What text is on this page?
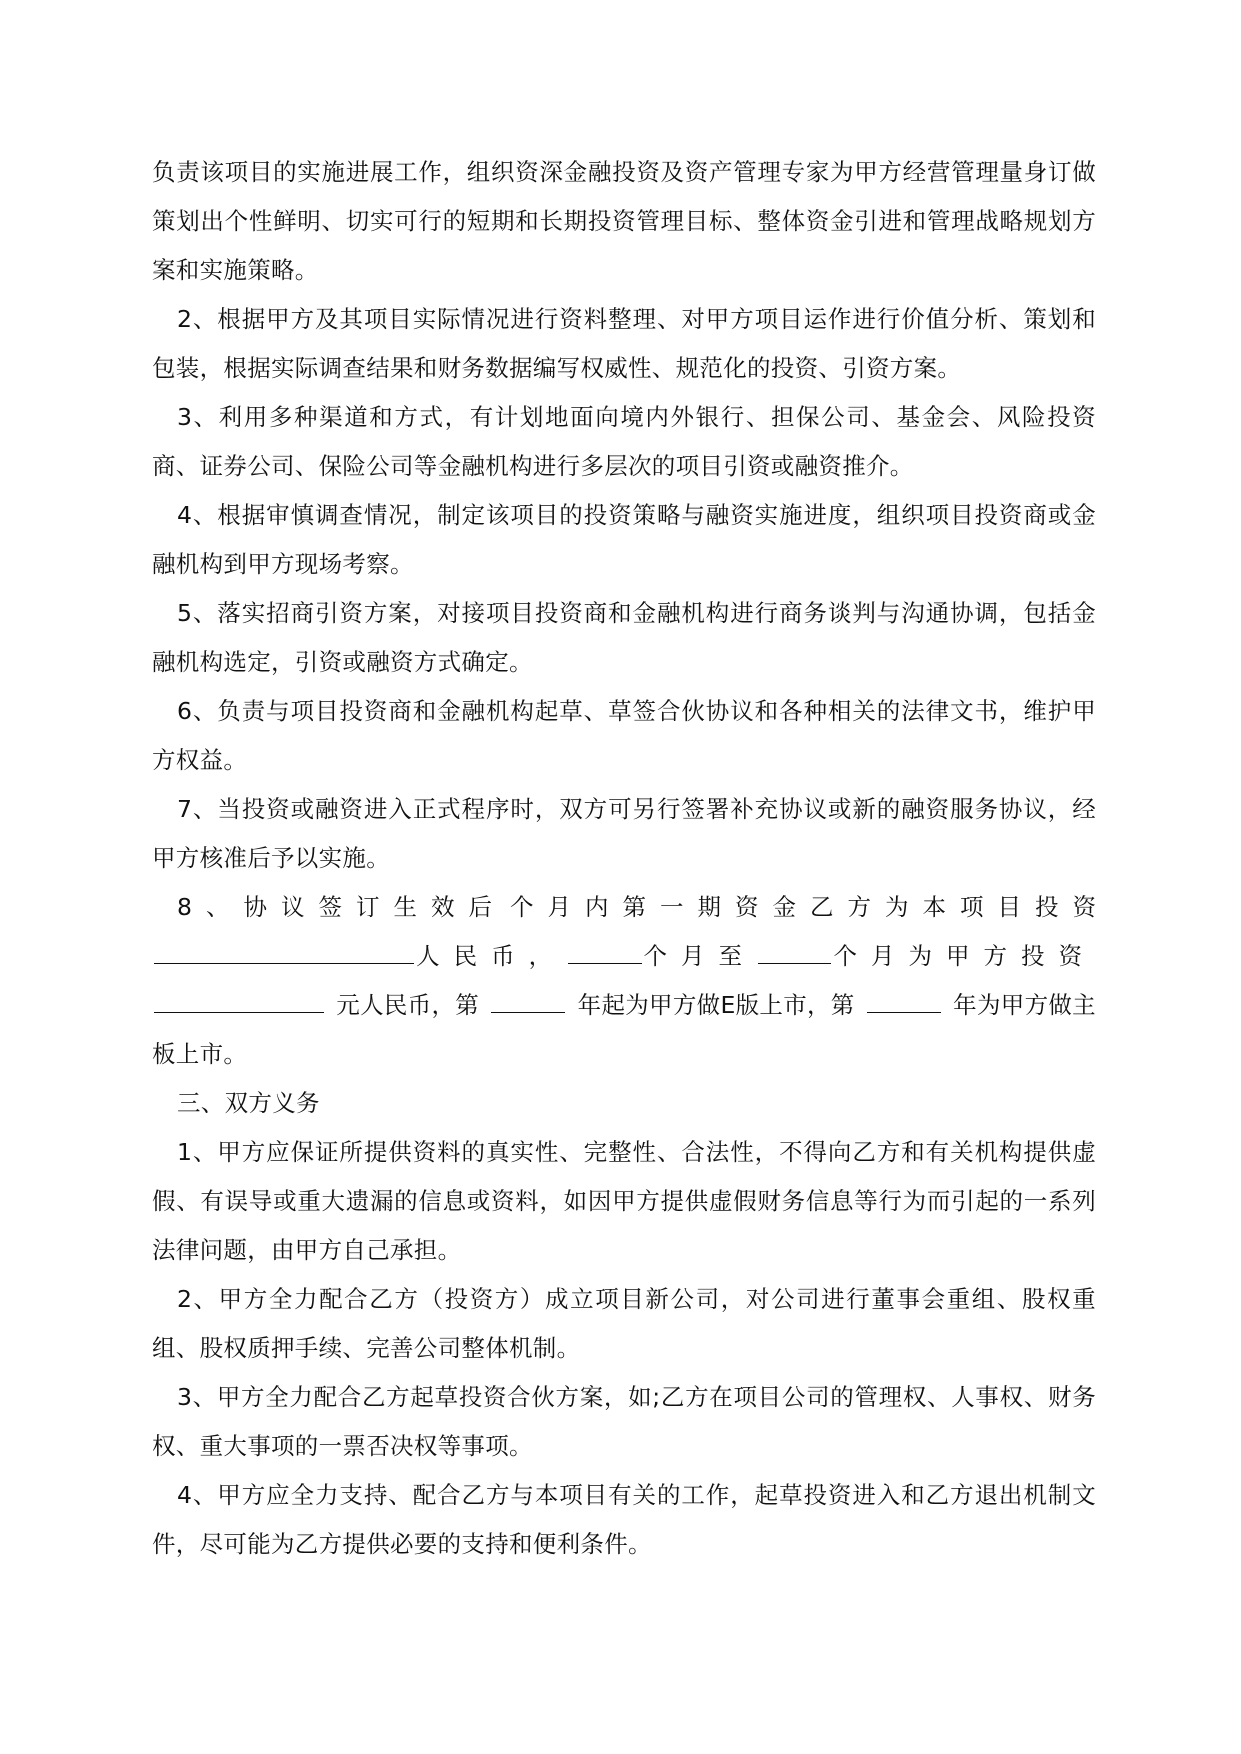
负责该项目的实施进展工作，组织资深金融投资及资产管理专家为甲方经营管理量身订做策划出个性鲜明、切实可行的短期和长期投资管理目标、整体资金引进和管理战略规划方案和实施策略。

2、根据甲方及其项目实际情况进行资料整理、对甲方项目运作进行价值分析、策划和包装，根据实际调查结果和财务数据编写权威性、规范化的投资、引资方案。

3、利用多种渠道和方式，有计划地面向境内外银行、担保公司、基金会、风险投资商、证券公司、保险公司等金融机构进行多层次的项目引资或融资推介。

4、根据审慎调查情况，制定该项目的投资策略与融资实施进度，组织项目投资商或金融机构到甲方现场考察。

5、落实招商引资方案，对接项目投资商和金融机构进行商务谈判与沟通协调，包括金融机构选定，引资或融资方式确定。

6、负责与项目投资商和金融机构起草、草签合伙协议和各种相关的法律文书，维护甲方权益。

7、当投资或融资进入正式程序时，双方可另行签署补充协议或新的融资服务协议，经甲方核准后予以实施。

8、协议签订生效后 个月内第一期资金乙方为本项目投资
人民币，	个月至	个月为甲方投资
元人民币，第	年起为甲方做E版上市，第	年为甲方做主
板上市。

三、双方义务

1、甲方应保证所提供资料的真实性、完整性、合法性，不得向乙方和有关机构提供虚假、有误导或重大遗漏的信息或资料，如因甲方提供虚假财务信息等行为而引起的一系列法律问题，由甲方自己承担。

2、甲方全力配合乙方（投资方）成立项目新公司，对公司进行董事会重组、股权重组、股权质押手续、完善公司整体机制。

3、甲方全力配合乙方起草投资合伙方案，如;乙方在项目公司的管理权、人事权、财务权、重大事项的一票否决权等事项。

4、甲方应全力支持、配合乙方与本项目有关的工作，起草投资进入和乙方退出机制文件，尽可能为乙方提供必要的支持和便利条件。
